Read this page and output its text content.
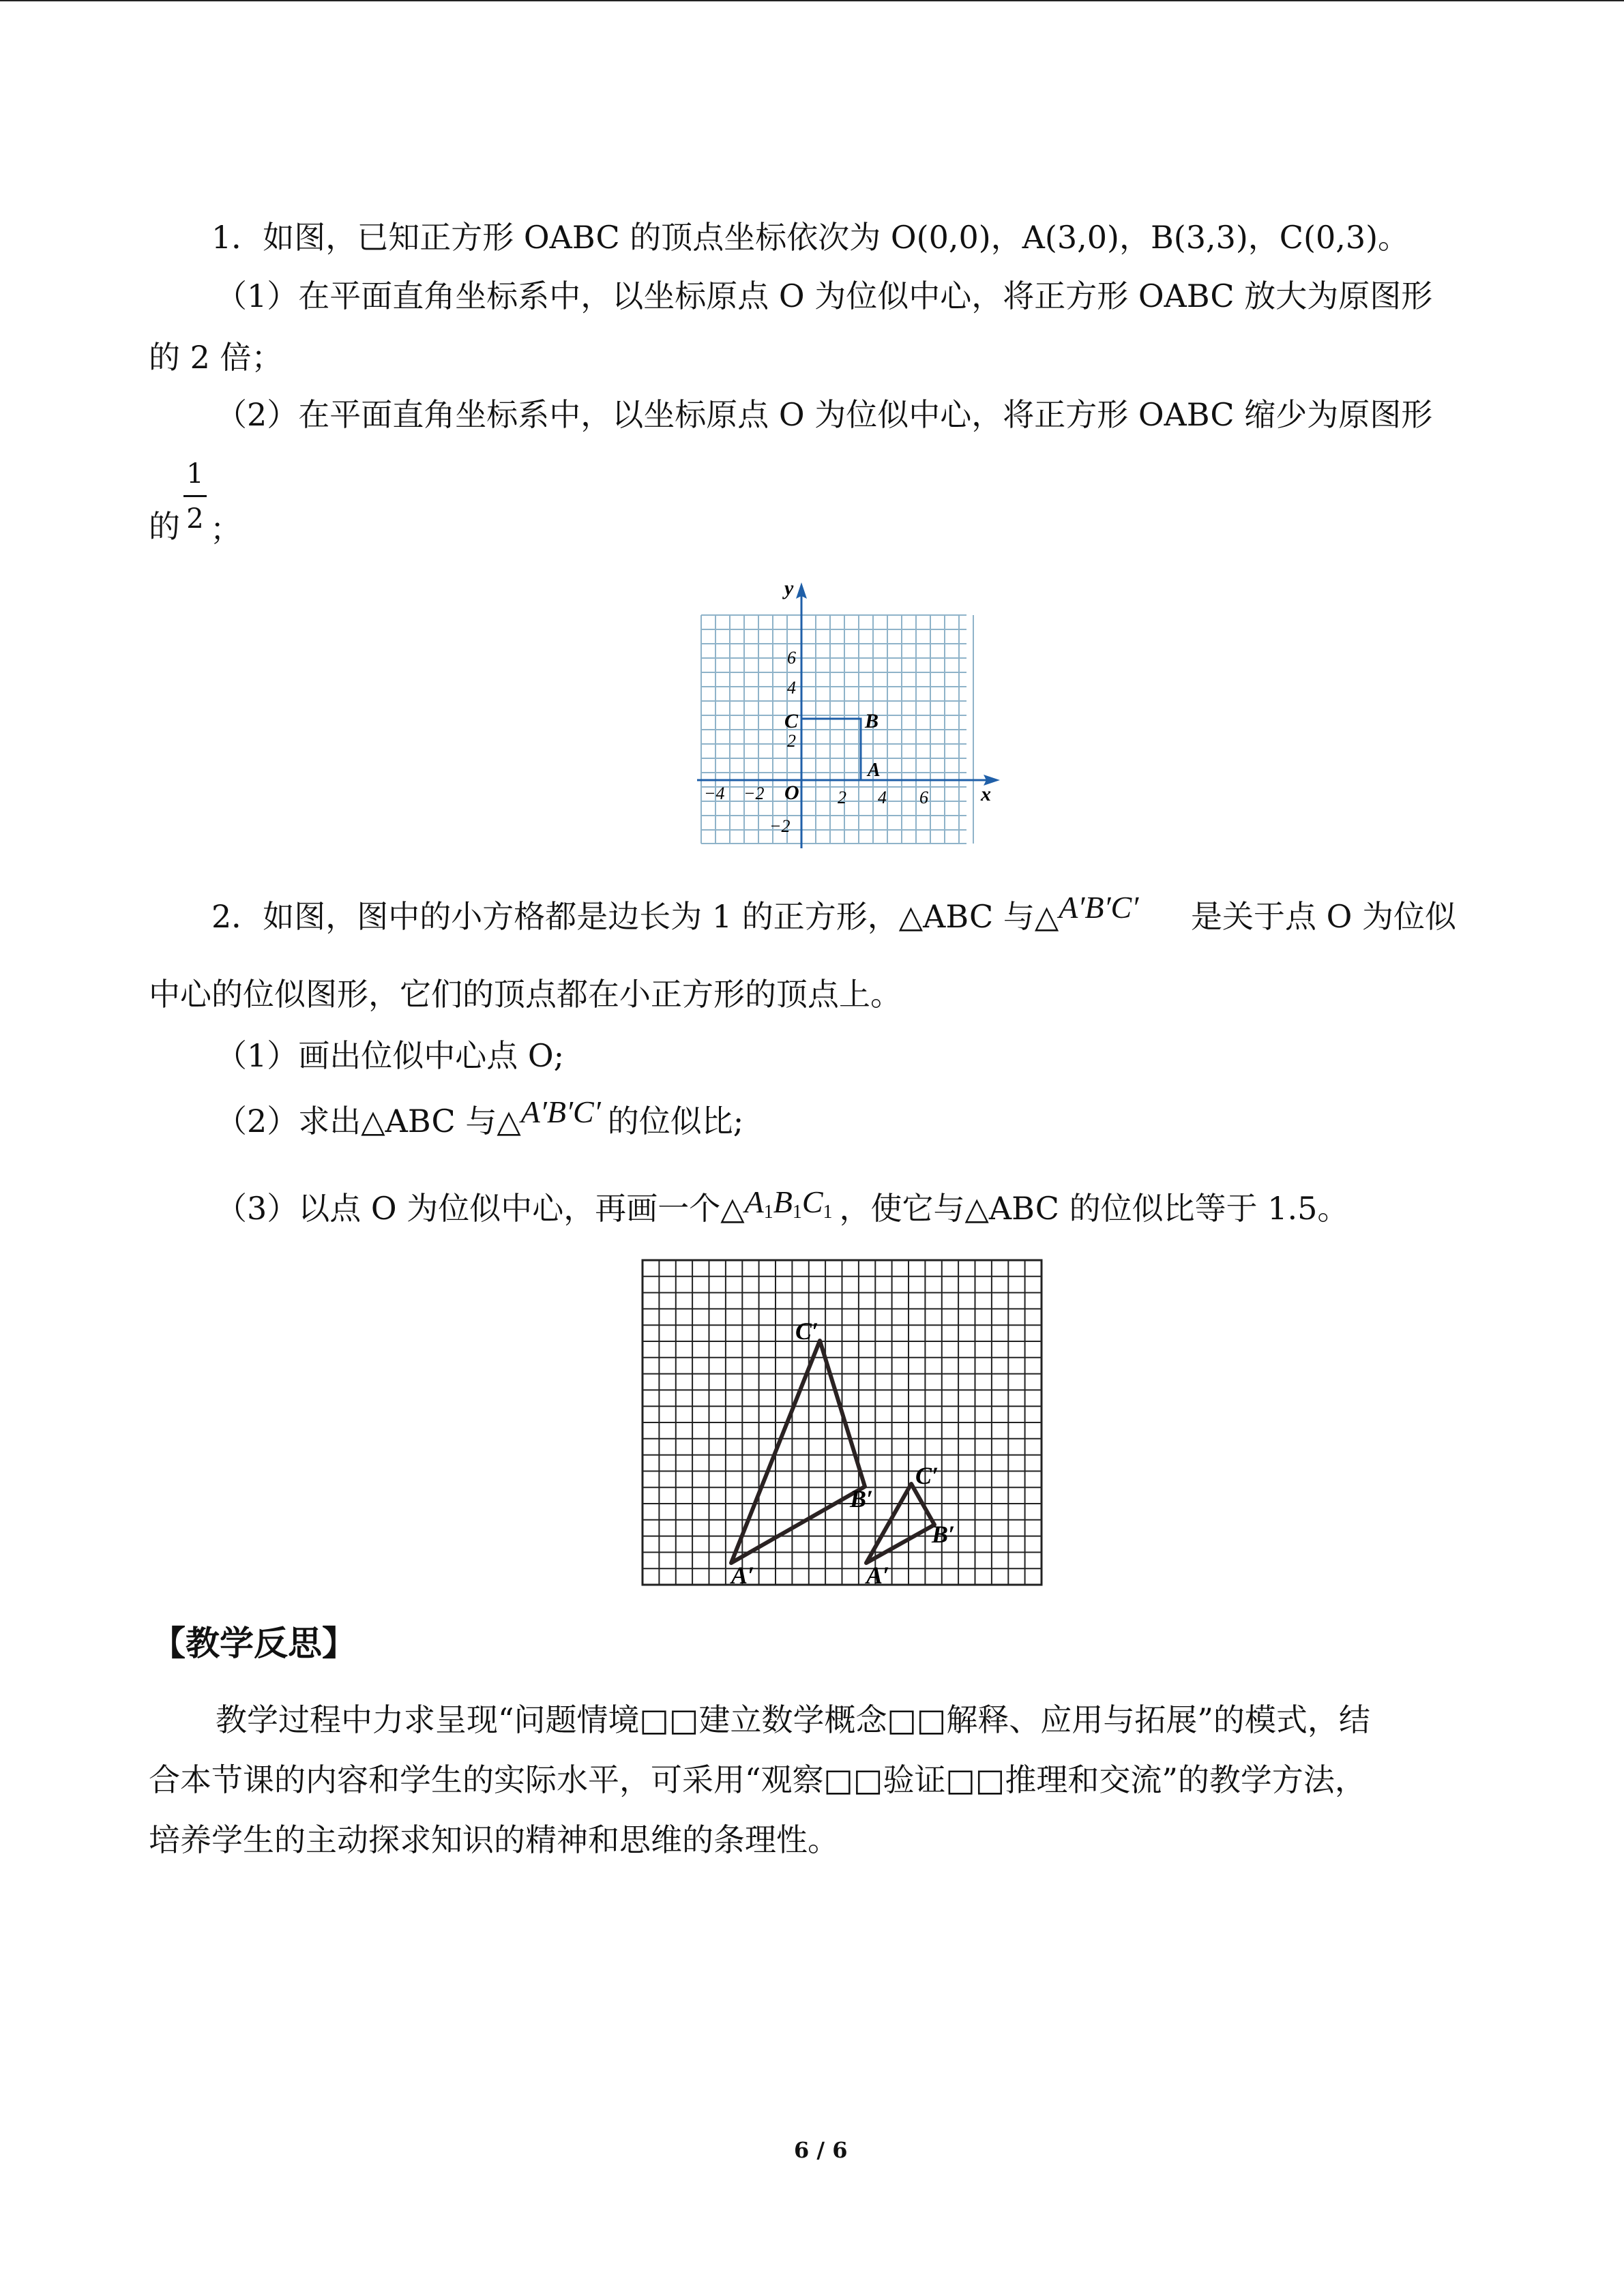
1．如图，已知正方形 OABC 的顶点坐标依次为 O(0,0)，A(3,0)，B(3,3)，C(0,3)。
（1）在平面直角坐标系中，以坐标原点 O 为位似中心，将正方形 OABC 放大为原图形
的 2 倍；
（2）在平面直角坐标系中，以坐标原点 O 为位似中心，将正方形 OABC 缩少为原图形
的
1
2 ；
y
x
6
4
2
−2
−4 −2 O 2 4 6
C	B
A
2．如图，图中的小方格都是边长为 1 的正方形，△ABC 与△A′B′C′ 是关于点 O 为位似
中心的位似图形，它们的顶点都在小正方形的顶点上。
（1）画出位似中心点 O;
（2）求出△ABC 与△A′B′C′ 的位似比;
（3）以点 O 为位似中心，再画一个$\triangle A_1B_1C_1$ ，使它与△ABC 的位似比等于 1.5。
C′
B′
A′
C′
B′
A′
【教学反思】
教学过程中力求呈现“问题情境□□建立数学概念□□解释、应用与拓展”的模式，结
合本节课的内容和学生的实际水平，可采用“观察□□验证□□推理和交流”的教学方法，
培养学生的主动探求知识的精神和思维的条理性。
6 / 6
